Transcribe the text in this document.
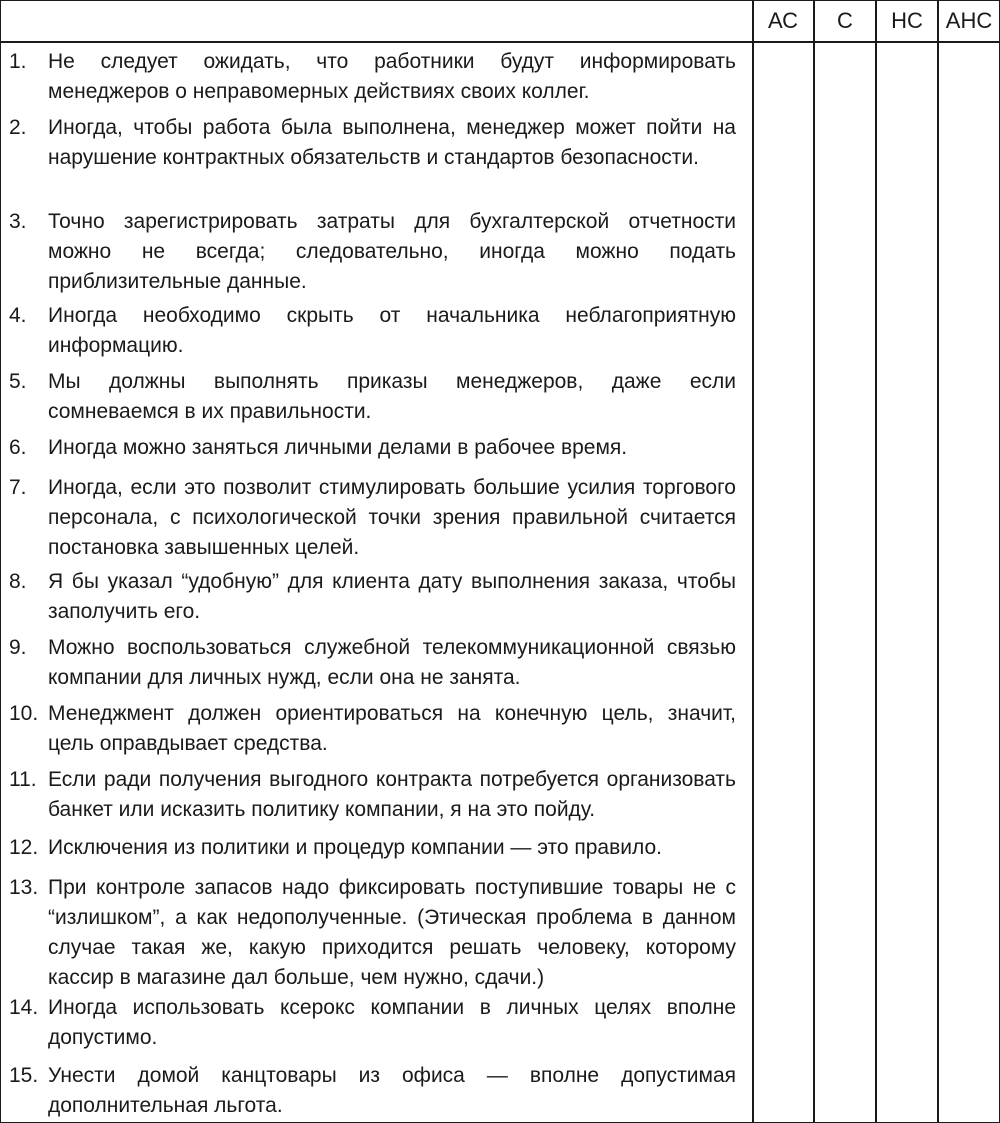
АС	С	НС	АНС
1. Не следует ожидать, что работники будут информировать менеджеров о неправомерных действиях своих коллег.
2. Иногда, чтобы работа была выполнена, менеджер может пойти на нарушение контрактных обязательств и стандартов безопасности.
3. Точно зарегистрировать затраты для бухгалтерской отчетности можно не всегда; следовательно, иногда можно подать приблизительные данные.
4. Иногда необходимо скрыть от начальника неблагоприятную информацию.
5. Мы должны выполнять приказы менеджеров, даже если сомневаемся в их правильности.
6. Иногда можно заняться личными делами в рабочее время.
7. Иногда, если это позволит стимулировать большие усилия торгового персонала, с психологической точки зрения правильной считается постановка завышенных целей.
8. Я бы указал “удобную” для клиента дату выполнения заказа, чтобы заполучить его.
9. Можно воспользоваться служебной телекоммуникационной связью компании для личных нужд, если она не занята.
10. Менеджмент должен ориентироваться на конечную цель, значит, цель оправдывает средства.
11. Если ради получения выгодного контракта потребуется организовать банкет или исказить политику компании, я на это пойду.
12. Исключения из политики и процедур компании — это правило.
13. При контроле запасов надо фиксировать поступившие товары не с “излишком”, а как недополученные. (Этическая проблема в данном случае такая же, какую приходится решать человеку, которому кассир в магазине дал больше, чем нужно, сдачи.)
14. Иногда использовать ксерокс компании в личных целях вполне допустимо.
15. Унести домой канцтовары из офиса — вполне допустимая дополнительная льгота.
